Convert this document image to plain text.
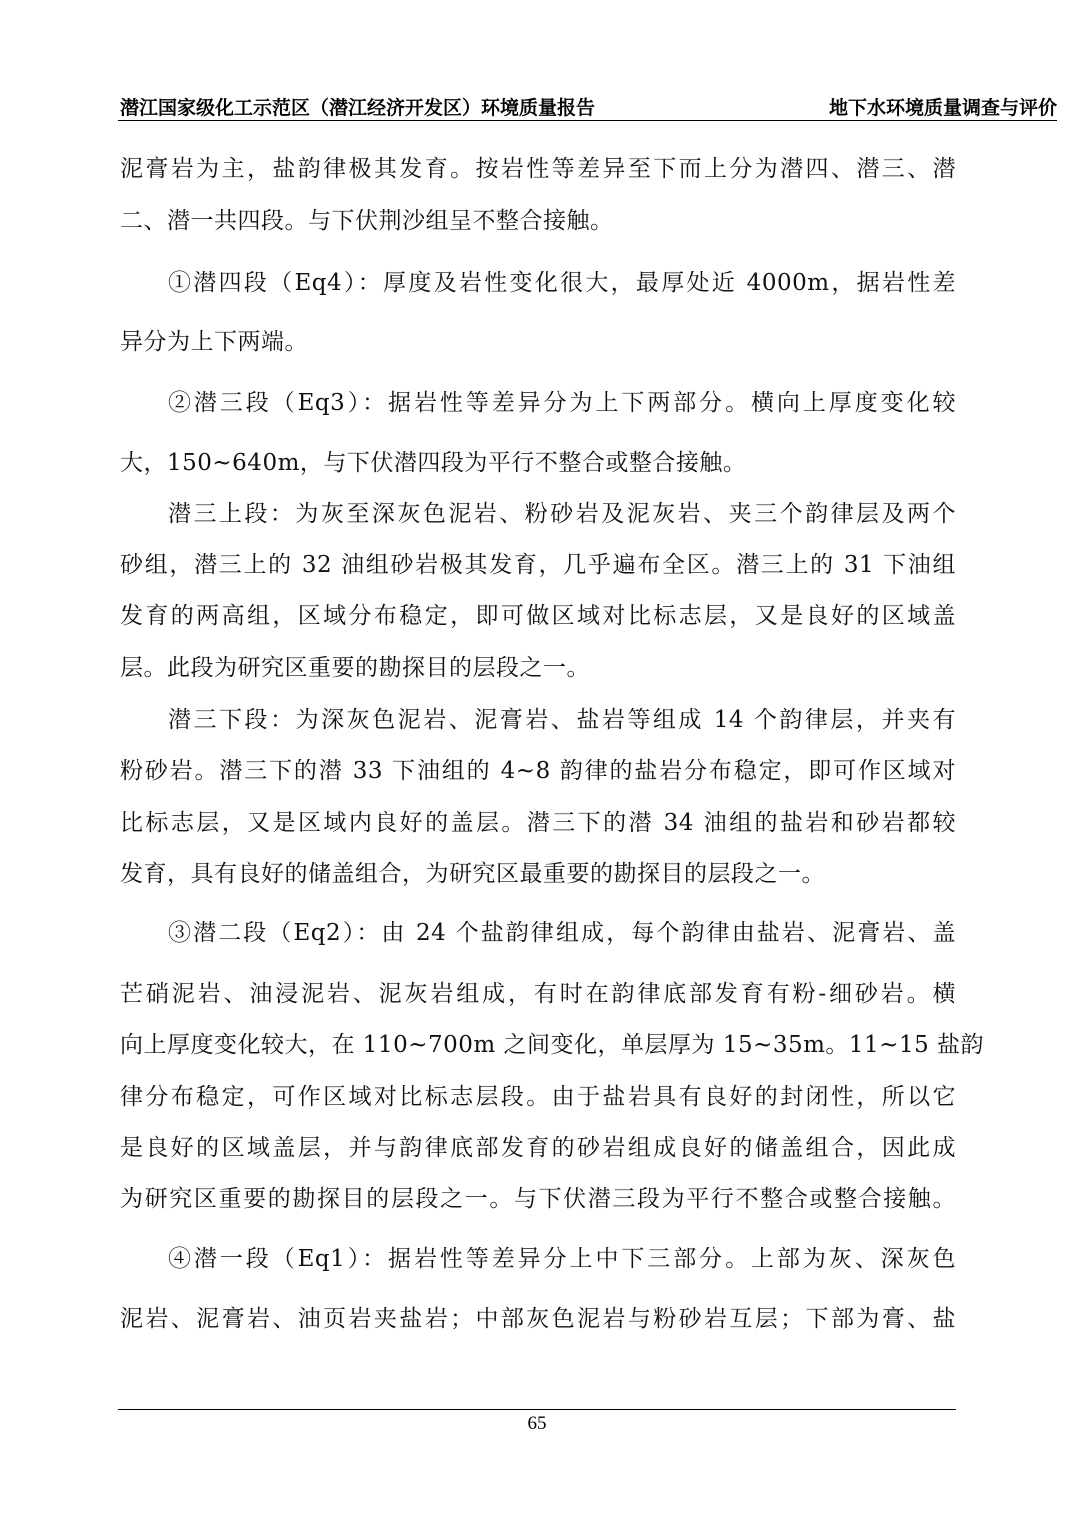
潜江国家级化工示范区（潜江经济开发区）环境质量报告	地下水环境质量调查与评价
泥膏岩为主，盐韵律极其发育。按岩性等差异至下而上分为潜四、潜三、潜
二、潜一共四段。与下伏荆沙组呈不整合接触。
①潜四段（Eq4）：厚度及岩性变化很大，最厚处近 4000m，据岩性差
异分为上下两端。
②潜三段（Eq3）：据岩性等差异分为上下两部分。横向上厚度变化较
大，150~640m，与下伏潜四段为平行不整合或整合接触。
潜三上段：为灰至深灰色泥岩、粉砂岩及泥灰岩、夹三个韵律层及两个
砂组，潜三上的 32 油组砂岩极其发育，几乎遍布全区。潜三上的 31 下油组
发育的两高组，区域分布稳定，即可做区域对比标志层，又是良好的区域盖
层。此段为研究区重要的勘探目的层段之一。
潜三下段：为深灰色泥岩、泥膏岩、盐岩等组成 14 个韵律层，并夹有
粉砂岩。潜三下的潜 33 下油组的 4~8 韵律的盐岩分布稳定，即可作区域对
比标志层，又是区域内良好的盖层。潜三下的潜 34 油组的盐岩和砂岩都较
发育，具有良好的储盖组合，为研究区最重要的勘探目的层段之一。
③潜二段（Eq2）：由 24 个盐韵律组成，每个韵律由盐岩、泥膏岩、盖
芒硝泥岩、油浸泥岩、泥灰岩组成，有时在韵律底部发育有粉-细砂岩。横
向上厚度变化较大，在 110~700m 之间变化，单层厚为 15~35m。11~15 盐韵
律分布稳定，可作区域对比标志层段。由于盐岩具有良好的封闭性，所以它
是良好的区域盖层，并与韵律底部发育的砂岩组成良好的储盖组合，因此成
为研究区重要的勘探目的层段之一。与下伏潜三段为平行不整合或整合接触。
④潜一段（Eq1）：据岩性等差异分上中下三部分。上部为灰、深灰色
泥岩、泥膏岩、油页岩夹盐岩；中部灰色泥岩与粉砂岩互层；下部为膏、盐
65
